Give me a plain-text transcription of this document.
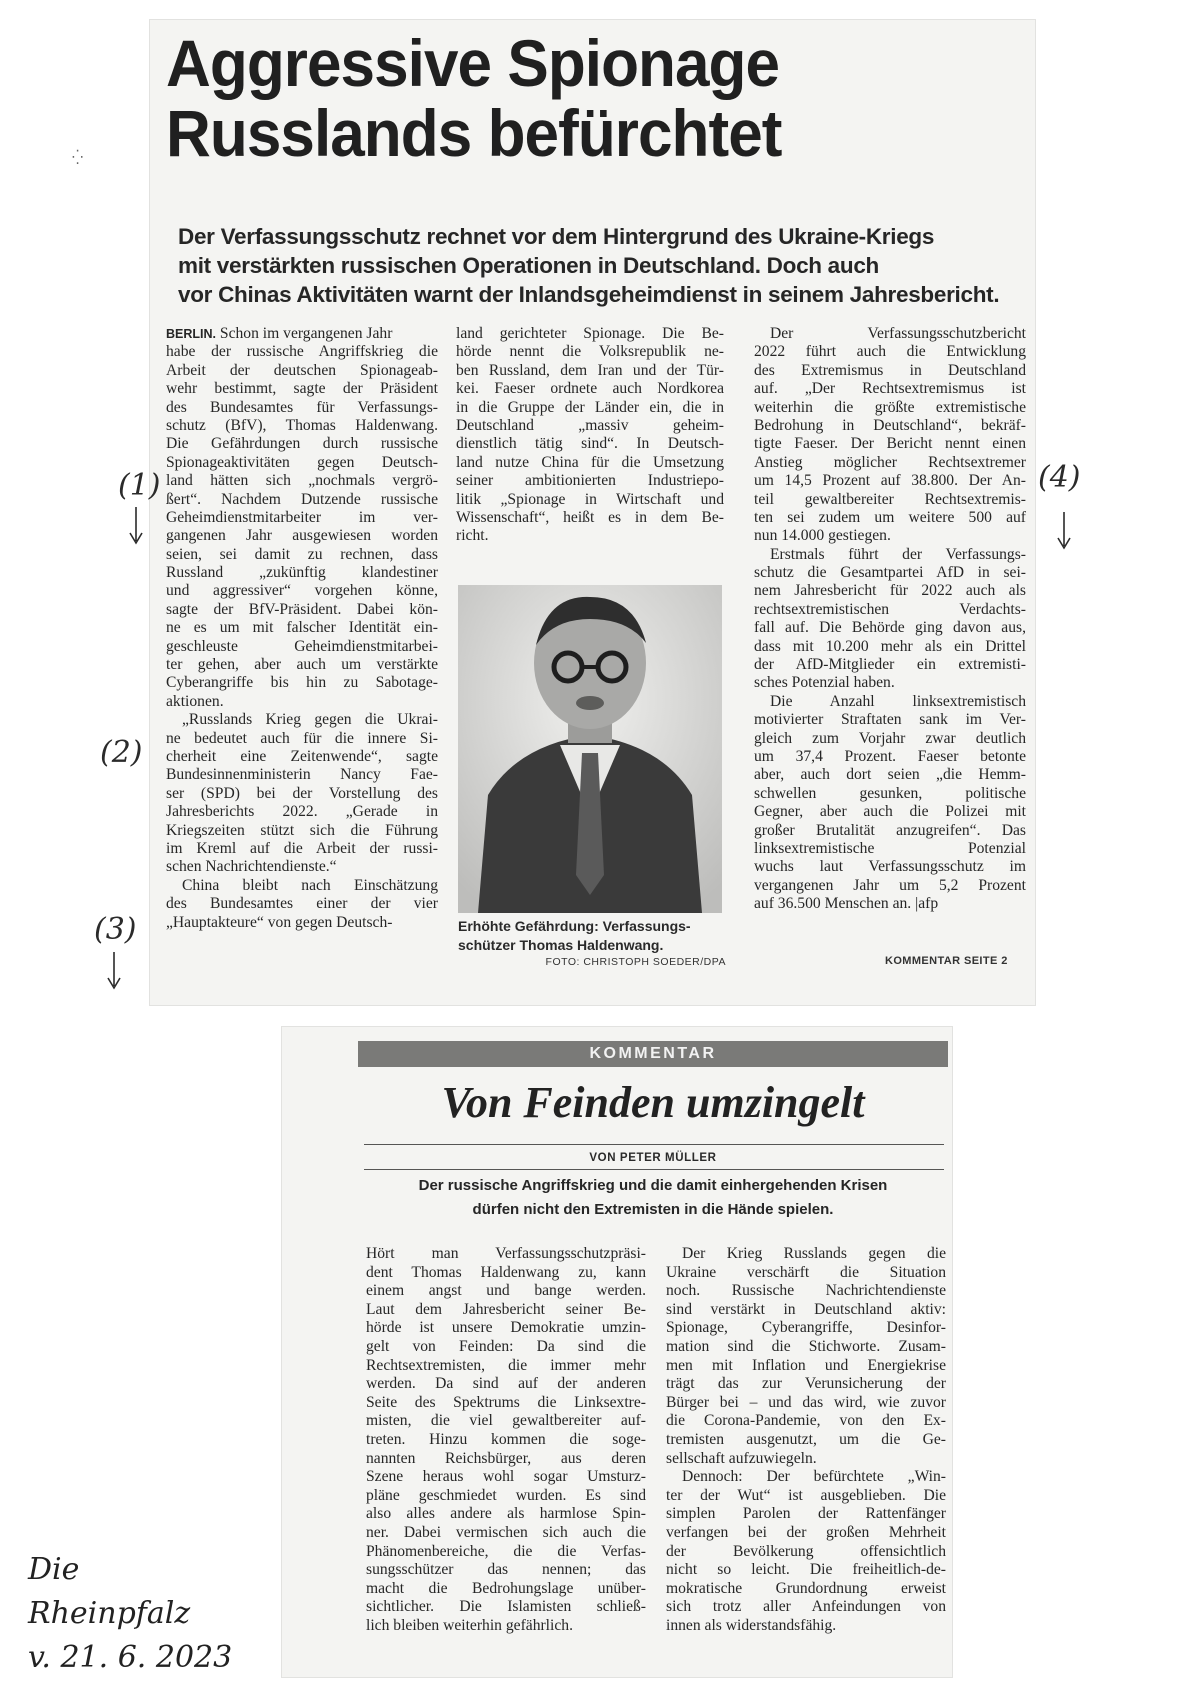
Aggressive Spionage
Russlands befürchtet
Der Verfassungsschutz rechnet vor dem Hintergrund des Ukraine-Kriegs
mit verstärkten russischen Operationen in Deutschland. Doch auch
vor Chinas Aktivitäten warnt der Inlandsgeheimdienst in seinem Jahresbericht.
BERLIN. Schon im vergangenen Jahr
habe der russische Angriffskrieg die
Arbeit der deutschen Spionageab-
wehr bestimmt, sagte der Präsident
des Bundesamtes für Verfassungs-
schutz (BfV), Thomas Haldenwang.
Die Gefährdungen durch russische
Spionageaktivitäten gegen Deutsch-
land hätten sich „nochmals vergrö-
ßert“. Nachdem Dutzende russische
Geheimdienstmitarbeiter im ver-
gangenen Jahr ausgewiesen worden
seien, sei damit zu rechnen, dass
Russland „zukünftig klandestiner
und aggressiver“ vorgehen könne,
sagte der BfV-Präsident. Dabei kön-
ne es um mit falscher Identität ein-
geschleuste Geheimdienstmitarbei-
ter gehen, aber auch um verstärkte
Cyberangriffe bis hin zu Sabotage-
aktionen.
„Russlands Krieg gegen die Ukrai-
ne bedeutet auch für die innere Si-
cherheit eine Zeitenwende“, sagte
Bundesinnenministerin Nancy Fae-
ser (SPD) bei der Vorstellung des
Jahresberichts 2022. „Gerade in
Kriegszeiten stützt sich die Führung
im Kreml auf die Arbeit der russi-
schen Nachrichtendienste.“
China bleibt nach Einschätzung
des Bundesamtes einer der vier
„Hauptakteure“ von gegen Deutsch-
land gerichteter Spionage. Die Be-
hörde nennt die Volksrepublik ne-
ben Russland, dem Iran und der Tür-
kei. Faeser ordnete auch Nordkorea
in die Gruppe der Länder ein, die in
Deutschland „massiv geheim-
dienstlich tätig sind“. In Deutsch-
land nutze China für die Umsetzung
seiner ambitionierten Industriepo-
litik „Spionage in Wirtschaft und
Wissenschaft“, heißt es in dem Be-
richt.
Der Verfassungsschutzbericht
2022 führt auch die Entwicklung
des Extremismus in Deutschland
auf. „Der Rechtsextremismus ist
weiterhin die größte extremistische
Bedrohung in Deutschland“, bekräf-
tigte Faeser. Der Bericht nennt einen
Anstieg möglicher Rechtsextremer
um 14,5 Prozent auf 38.800. Der An-
teil gewaltbereiter Rechtsextremis-
ten sei zudem um weitere 500 auf
nun 14.000 gestiegen.
Erstmals führt der Verfassungs-
schutz die Gesamtpartei AfD in sei-
nem Jahresbericht für 2022 auch als
rechtsextremistischen Verdachts-
fall auf. Die Behörde ging davon aus,
dass mit 10.200 mehr als ein Drittel
der AfD-Mitglieder ein extremisti-
sches Potenzial haben.
Die Anzahl linksextremistisch
motivierter Straftaten sank im Ver-
gleich zum Vorjahr zwar deutlich
um 37,4 Prozent. Faeser betonte
aber, auch dort seien „die Hemm-
schwellen gesunken, politische
Gegner, aber auch die Polizei mit
großer Brutalität anzugreifen“. Das
linksextremistische Potenzial
wuchs laut Verfassungsschutz im
vergangenen Jahr um 5,2 Prozent
auf 36.500 Menschen an. |afp
Erhöhte Gefährdung: Verfassungs-
schützer Thomas Haldenwang.
FOTO: CHRISTOPH SOEDER/DPA	KOMMENTAR SEITE 2
KOMMENTAR
Von Feinden umzingelt
VON PETER MÜLLER
Der russische Angriffskrieg und die damit einhergehenden Krisen
dürfen nicht den Extremisten in die Hände spielen.
Hört man Verfassungsschutzpräsi-
dent Thomas Haldenwang zu, kann
einem angst und bange werden.
Laut dem Jahresbericht seiner Be-
hörde ist unsere Demokratie umzin-
gelt von Feinden: Da sind die
Rechtsextremisten, die immer mehr
werden. Da sind auf der anderen
Seite des Spektrums die Linksextre-
misten, die viel gewaltbereiter auf-
treten. Hinzu kommen die soge-
nannten Reichsbürger, aus deren
Szene heraus wohl sogar Umsturz-
pläne geschmiedet wurden. Es sind
also alles andere als harmlose Spin-
ner. Dabei vermischen sich auch die
Phänomenbereiche, die die Verfas-
sungsschützer das nennen; das
macht die Bedrohungslage unüber-
sichtlicher. Die Islamisten schließ-
lich bleiben weiterhin gefährlich.
Der Krieg Russlands gegen die
Ukraine verschärft die Situation
noch. Russische Nachrichtendienste
sind verstärkt in Deutschland aktiv:
Spionage, Cyberangriffe, Desinfor-
mation sind die Stichworte. Zusam-
men mit Inflation und Energiekrise
trägt das zur Verunsicherung der
Bürger bei – und das wird, wie zuvor
die Corona-Pandemie, von den Ex-
tremisten ausgenutzt, um die Ge-
sellschaft aufzuwiegeln.
Dennoch: Der befürchtete „Win-
ter der Wut“ ist ausgeblieben. Die
simplen Parolen der Rattenfänger
verfangen bei der großen Mehrheit
der Bevölkerung offensichtlich
nicht so leicht. Die freiheitlich-de-
mokratische Grundordnung erweist
sich trotz aller Anfeindungen von
innen als widerstandsfähig.
⁛
(1)
(2)
(3)
(4)
Die
Rheinpfalz
v. 21. 6. 2023
